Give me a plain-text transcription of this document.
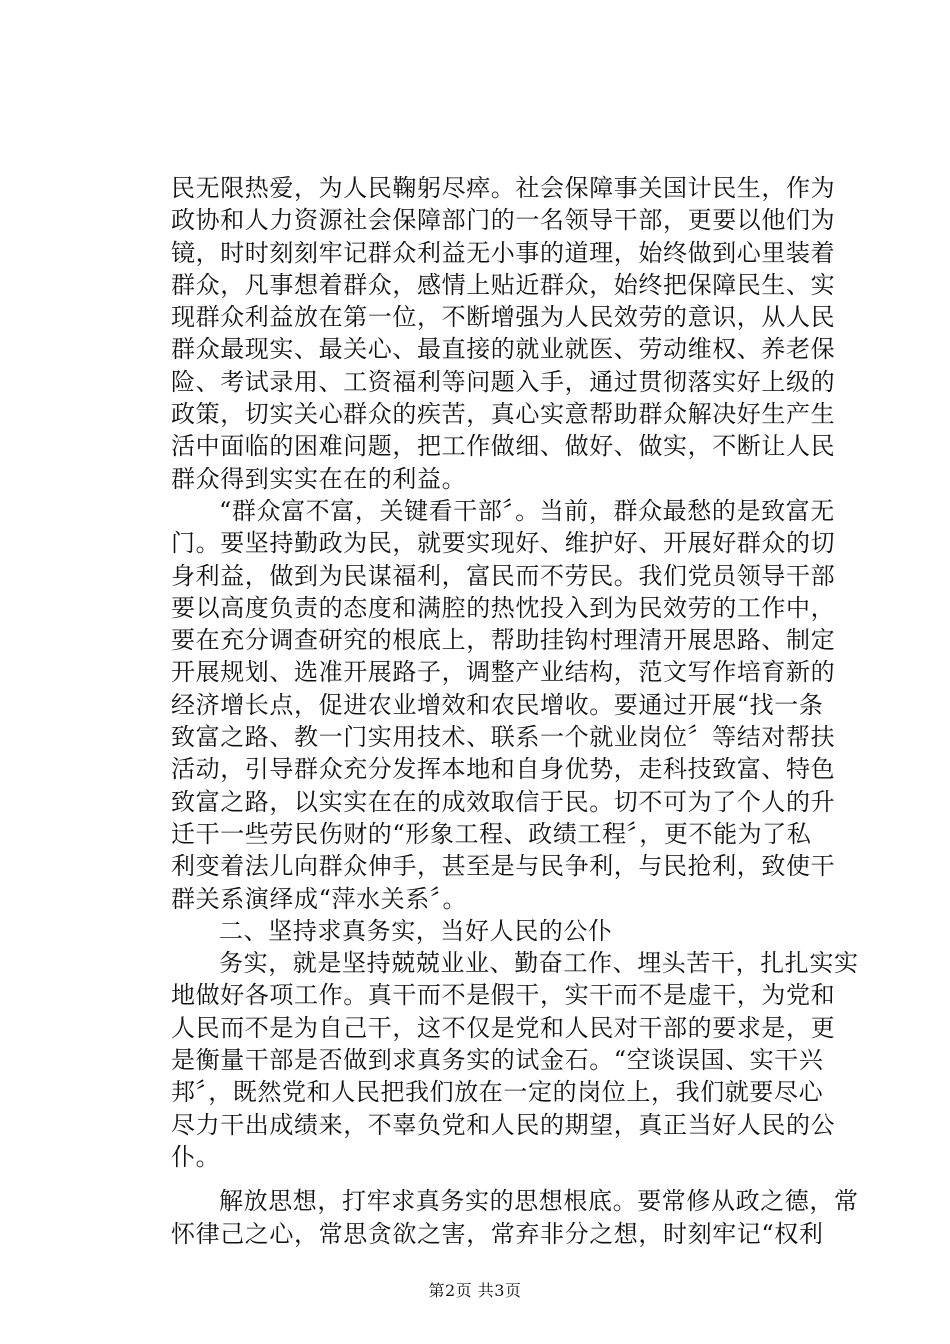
民无限热爱，为人民鞠躬尽瘁。社会保障事关国计民生，作为
政协和人力资源社会保障部门的一名领导干部，更要以他们为
镜，时时刻刻牢记群众利益无小事的道理，始终做到心里装着
群众，凡事想着群众，感情上贴近群众，始终把保障民生、实
现群众利益放在第一位，不断增强为人民效劳的意识，从人民
群众最现实、最关心、最直接的就业就医、劳动维权、养老保
险、考试录用、工资福利等问题入手，通过贯彻落实好上级的
政策，切实关心群众的疾苦，真心实意帮助群众解决好生产生
活中面临的困难问题，把工作做细、做好、做实，不断让人民
群众得到实实在在的利益。
“群众富不富，关键看干部〞。当前，群众最愁的是致富无
门。要坚持勤政为民，就要实现好、维护好、开展好群众的切
身利益，做到为民谋福利，富民而不劳民。我们党员领导干部
要以高度负责的态度和满腔的热忱投入到为民效劳的工作中，
要在充分调查研究的根底上，帮助挂钩村理清开展思路、制定
开展规划、选准开展路子，调整产业结构，范文写作培育新的
经济增长点，促进农业增效和农民增收。要通过开展“找一条
致富之路、教一门实用技术、联系一个就业岗位〞等结对帮扶
活动，引导群众充分发挥本地和自身优势，走科技致富、特色
致富之路，以实实在在的成效取信于民。切不可为了个人的升
迁干一些劳民伤财的“形象工程、政绩工程〞，更不能为了私
利变着法儿向群众伸手，甚至是与民争利，与民抢利，致使干
群关系演绎成“萍水关系〞。
二、坚持求真务实，当好人民的公仆
务实，就是坚持兢兢业业、勤奋工作、埋头苦干，扎扎实实
地做好各项工作。真干而不是假干，实干而不是虚干，为党和
人民而不是为自己干，这不仅是党和人民对干部的要求是，更
是衡量干部是否做到求真务实的试金石。“空谈误国、实干兴
邦〞，既然党和人民把我们放在一定的岗位上，我们就要尽心
尽力干出成绩来，不辜负党和人民的期望，真正当好人民的公
仆。
解放思想，打牢求真务实的思想根底。要常修从政之德，常
怀律己之心，常思贪欲之害，常弃非分之想，时刻牢记“权利
第2页 共3页
